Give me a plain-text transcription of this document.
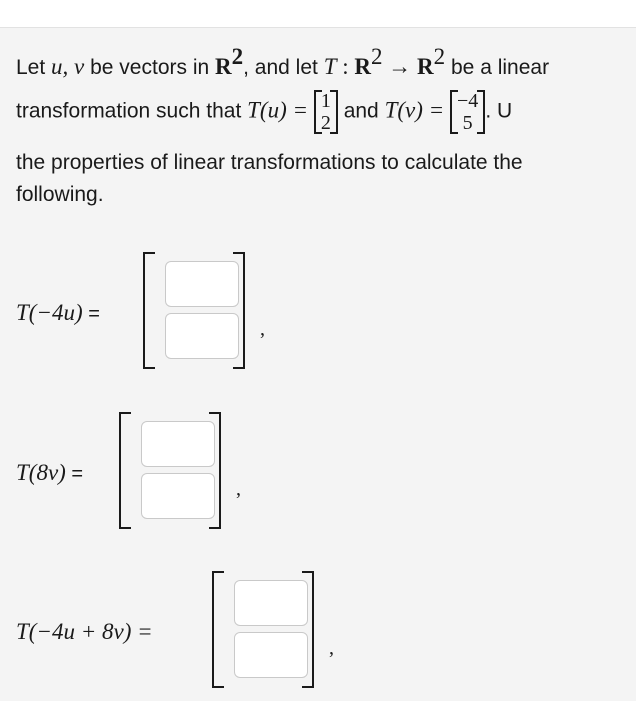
Let u, v be vectors in $R^2$, and let T : $R^2 \to R^2$ be a linear
transformation such that T(u) = 1
2
and T(v) = −4
5
. U
the properties of linear transformations to calculate the
following.
T(−4u) =
,
T(8v) =
,
T(−4u + 8v) =
,
